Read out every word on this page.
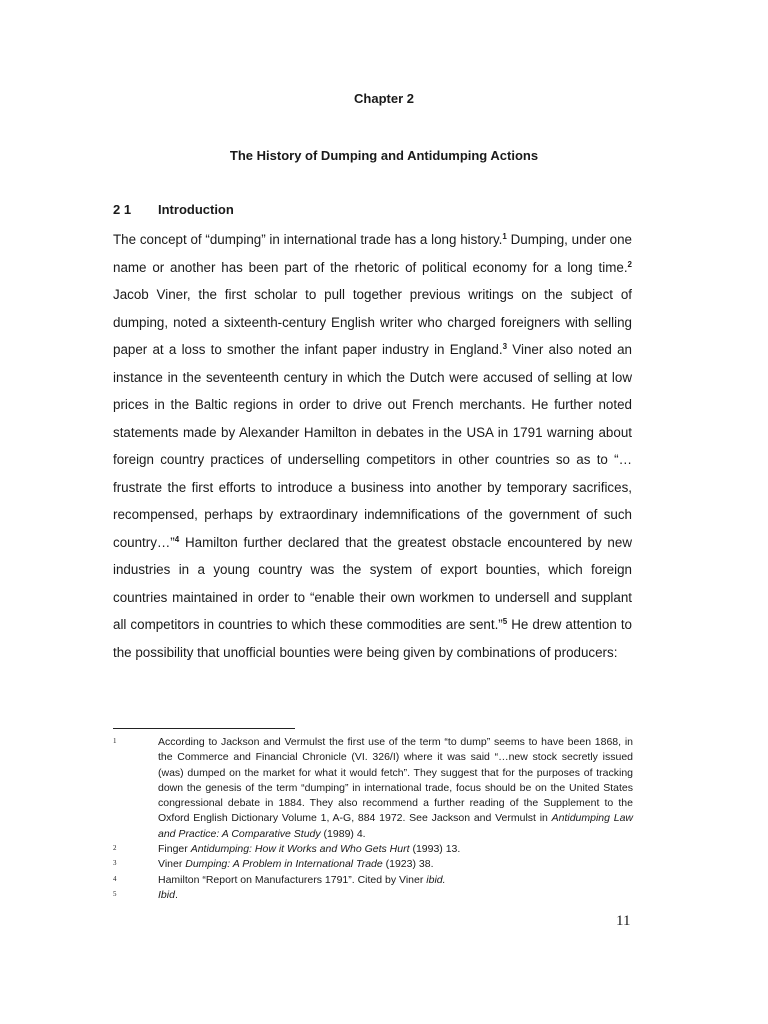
Chapter 2
The History of Dumping and Antidumping Actions
2 1 Introduction

The concept of “dumping” in international trade has a long history.$^1$ Dumping, under one name or another has been part of the rhetoric of political economy for a long time.$^2$ Jacob Viner, the first scholar to pull together previous writings on the subject of dumping, noted a sixteenth-century English writer who charged foreigners with selling paper at a loss to smother the infant paper industry in England.$^3$ Viner also noted an instance in the seventeenth century in which the Dutch were accused of selling at low prices in the Baltic regions in order to drive out French merchants. He further noted statements made by Alexander Hamilton in debates in the USA in 1791 warning about foreign country practices of underselling competitors in other countries so as to “…frustrate the first efforts to introduce a business into another by temporary sacrifices, recompensed, perhaps by extraordinary indemnifications of the government of such country…”$^4$ Hamilton further declared that the greatest obstacle encountered by new industries in a young country was the system of export bounties, which foreign countries maintained in order to “enable their own workmen to undersell and supplant all competitors in countries to which these commodities are sent.”$^5$ He drew attention to the possibility that unofficial bounties were being given by combinations of producers:

1	According to Jackson and Vermulst the first use of the term “to dump” seems to have been 1868, in the Commerce and Financial Chronicle (VI. 326/I) where it was said “…new stock secretly issued (was) dumped on the market for what it would fetch”. They suggest that for the purposes of tracking down the genesis of the term “dumping” in international trade, focus should be on the United States congressional debate in 1884. They also recommend a further reading of the Supplement to the Oxford English Dictionary Volume 1, A-G, 884 1972. See Jackson and Vermulst in Antidumping Law and Practice: A Comparative Study (1989) 4.
2	Finger Antidumping: How it Works and Who Gets Hurt (1993) 13.
3	Viner Dumping: A Problem in International Trade (1923) 38.
4	Hamilton “Report on Manufacturers 1791”. Cited by Viner ibid.
5	Ibid.
11
